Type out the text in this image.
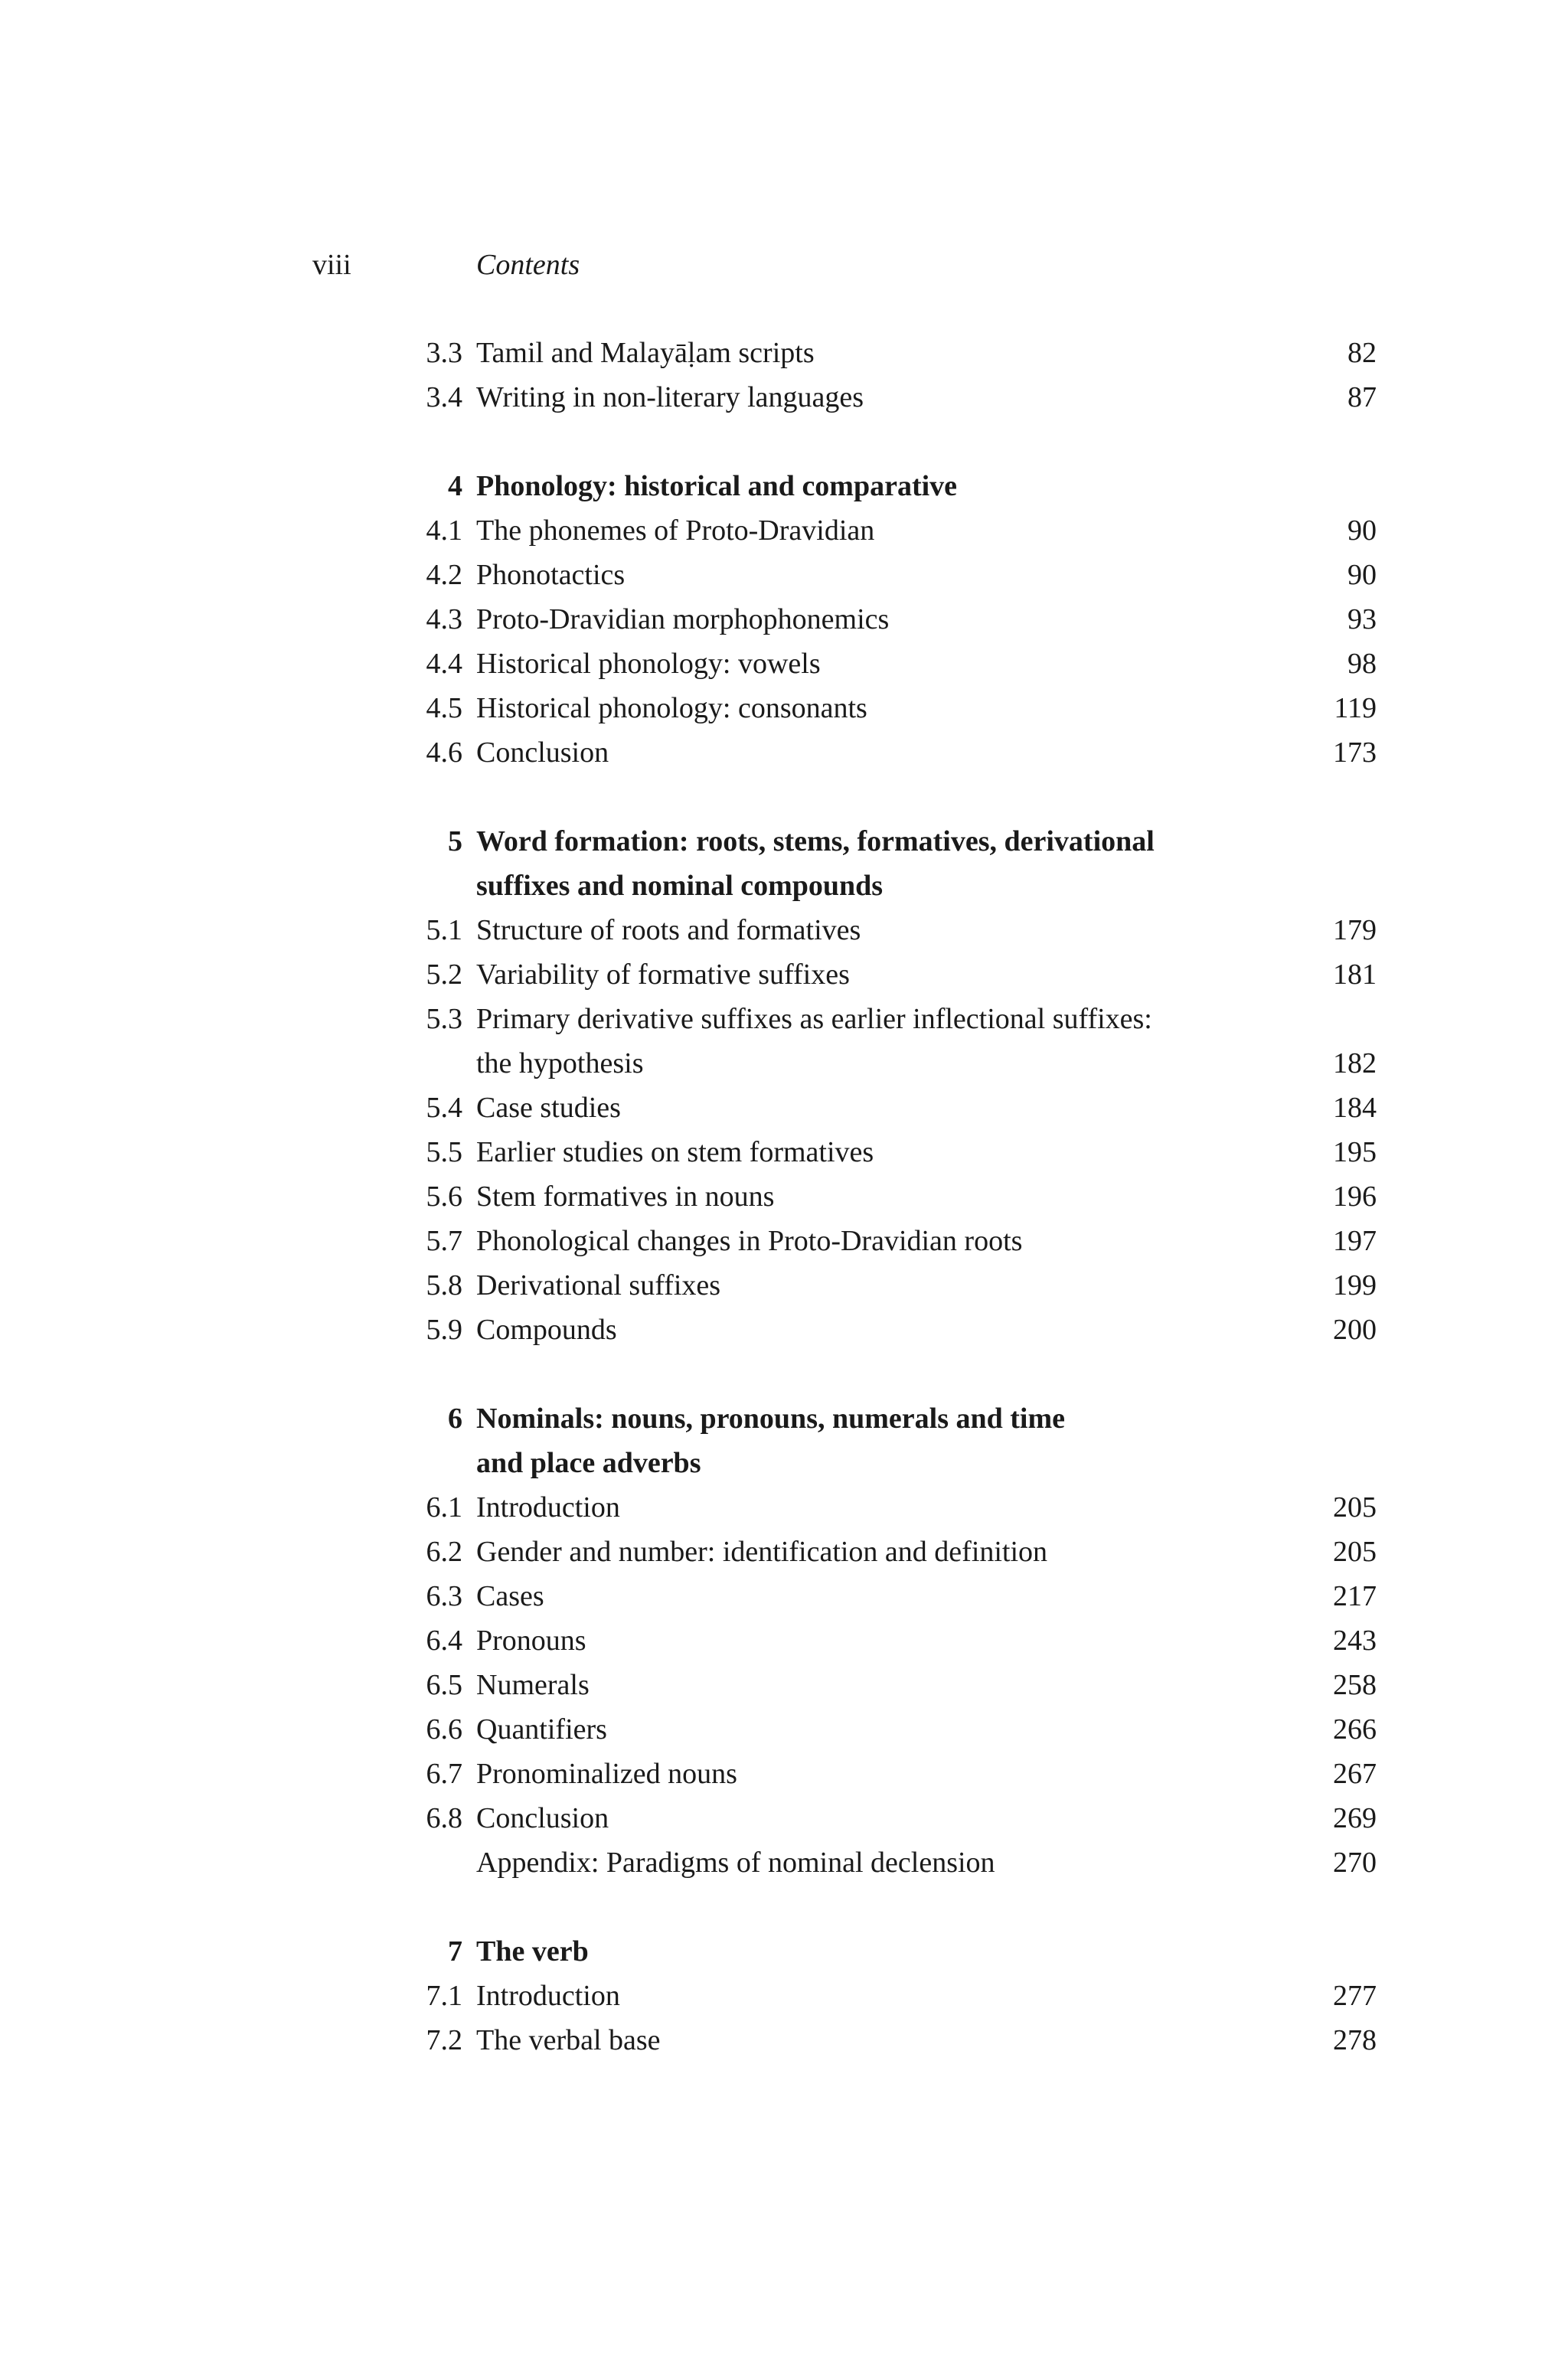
viii	Contents
3.3 Tamil and Malayāḷam scripts	82
3.4 Writing in non-literary languages	87
4 Phonology: historical and comparative
4.1 The phonemes of Proto-Dravidian	90
4.2 Phonotactics	90
4.3 Proto-Dravidian morphophonemics	93
4.4 Historical phonology: vowels	98
4.5 Historical phonology: consonants	119
4.6 Conclusion	173
5 Word formation: roots, stems, formatives, derivational
suffixes and nominal compounds
5.1 Structure of roots and formatives	179
5.2 Variability of formative suffixes	181
5.3 Primary derivative suffixes as earlier inflectional suffixes:
the hypothesis	182
5.4 Case studies	184
5.5 Earlier studies on stem formatives	195
5.6 Stem formatives in nouns	196
5.7 Phonological changes in Proto-Dravidian roots	197
5.8 Derivational suffixes	199
5.9 Compounds	200
6 Nominals: nouns, pronouns, numerals and time
and place adverbs
6.1 Introduction	205
6.2 Gender and number: identification and definition	205
6.3 Cases	217
6.4 Pronouns	243
6.5 Numerals	258
6.6 Quantifiers	266
6.7 Pronominalized nouns	267
6.8 Conclusion	269
Appendix: Paradigms of nominal declension	270
7 The verb
7.1 Introduction	277
7.2 The verbal base	278
